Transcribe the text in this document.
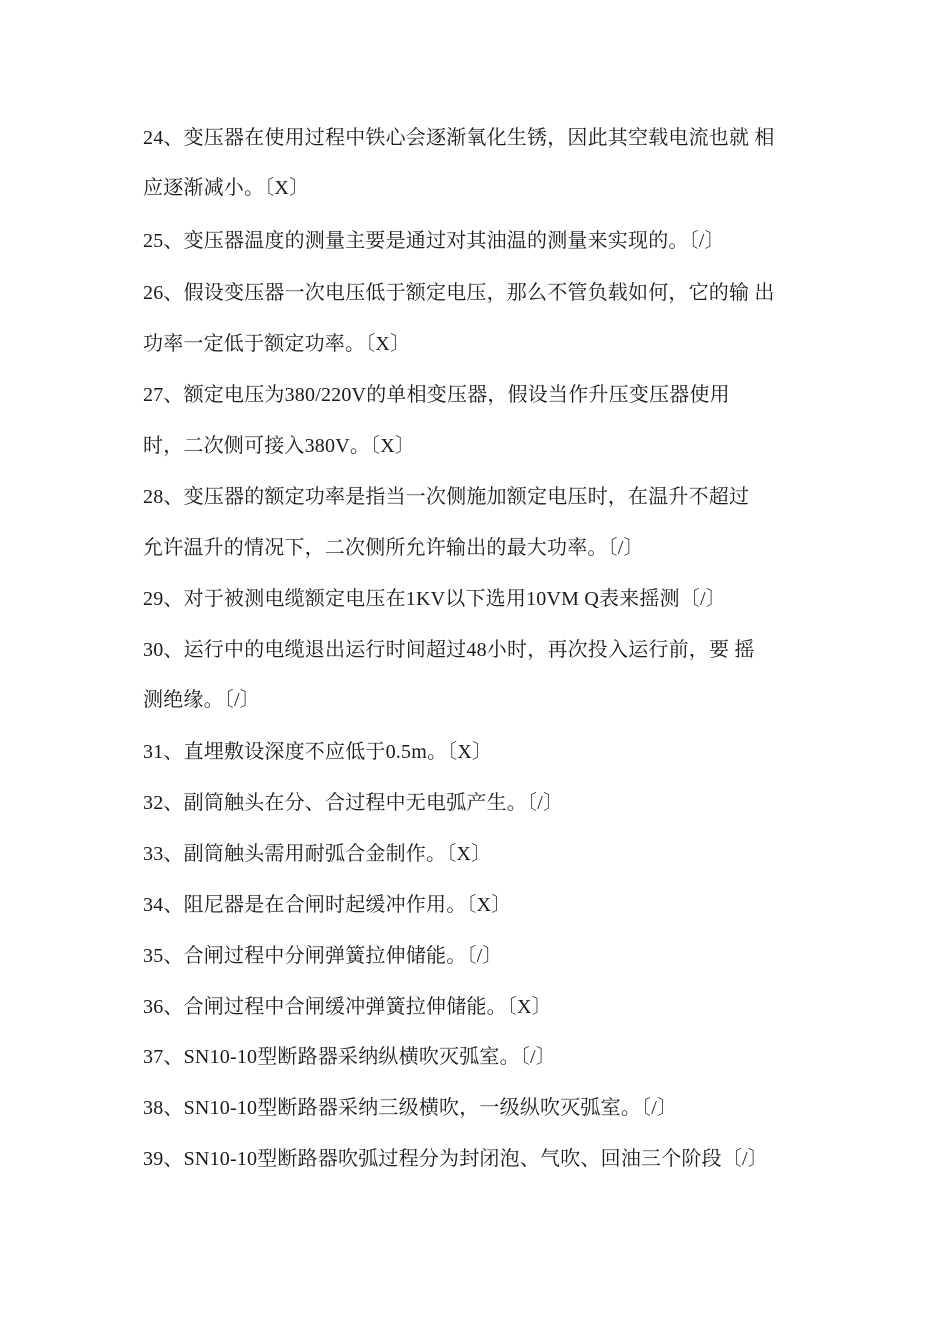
24、变压器在使用过程中铁心会逐渐氧化生锈，因此其空载电流也就 相
应逐渐减小。〔X〕
25、变压器温度的测量主要是通过对其油温的测量来实现的。〔/〕
26、假设变压器一次电压低于额定电压，那么不管负载如何，它的输 出
功率一定低于额定功率。〔X〕
27、额定电压为380/220V的单相变压器，假设当作升压变压器使用
时，二次侧可接入380V。〔X〕
28、变压器的额定功率是指当一次侧施加额定电压时，在温升不超过
允许温升的情况下，二次侧所允许输出的最大功率。〔/〕
29、对于被测电缆额定电压在1KV以下选用10VM Q表来摇测〔/〕
30、运行中的电缆退出运行时间超过48小时，再次投入运行前，要 摇
测绝缘。〔/〕
31、直埋敷设深度不应低于0.5m。〔X〕
32、副筒触头在分、合过程中无电弧产生。〔/〕
33、副筒触头需用耐弧合金制作。〔X〕
34、阻尼器是在合闸时起缓冲作用。〔X〕
35、合闸过程中分闸弹簧拉伸储能。〔/〕
36、合闸过程中合闸缓冲弹簧拉伸储能。〔X〕
37、SN10-10型断路器采纳纵横吹灭弧室。〔/〕
38、SN10-10型断路器采纳三级横吹，一级纵吹灭弧室。〔/〕
39、SN10-10型断路器吹弧过程分为封闭泡、气吹、回油三个阶段〔/〕
